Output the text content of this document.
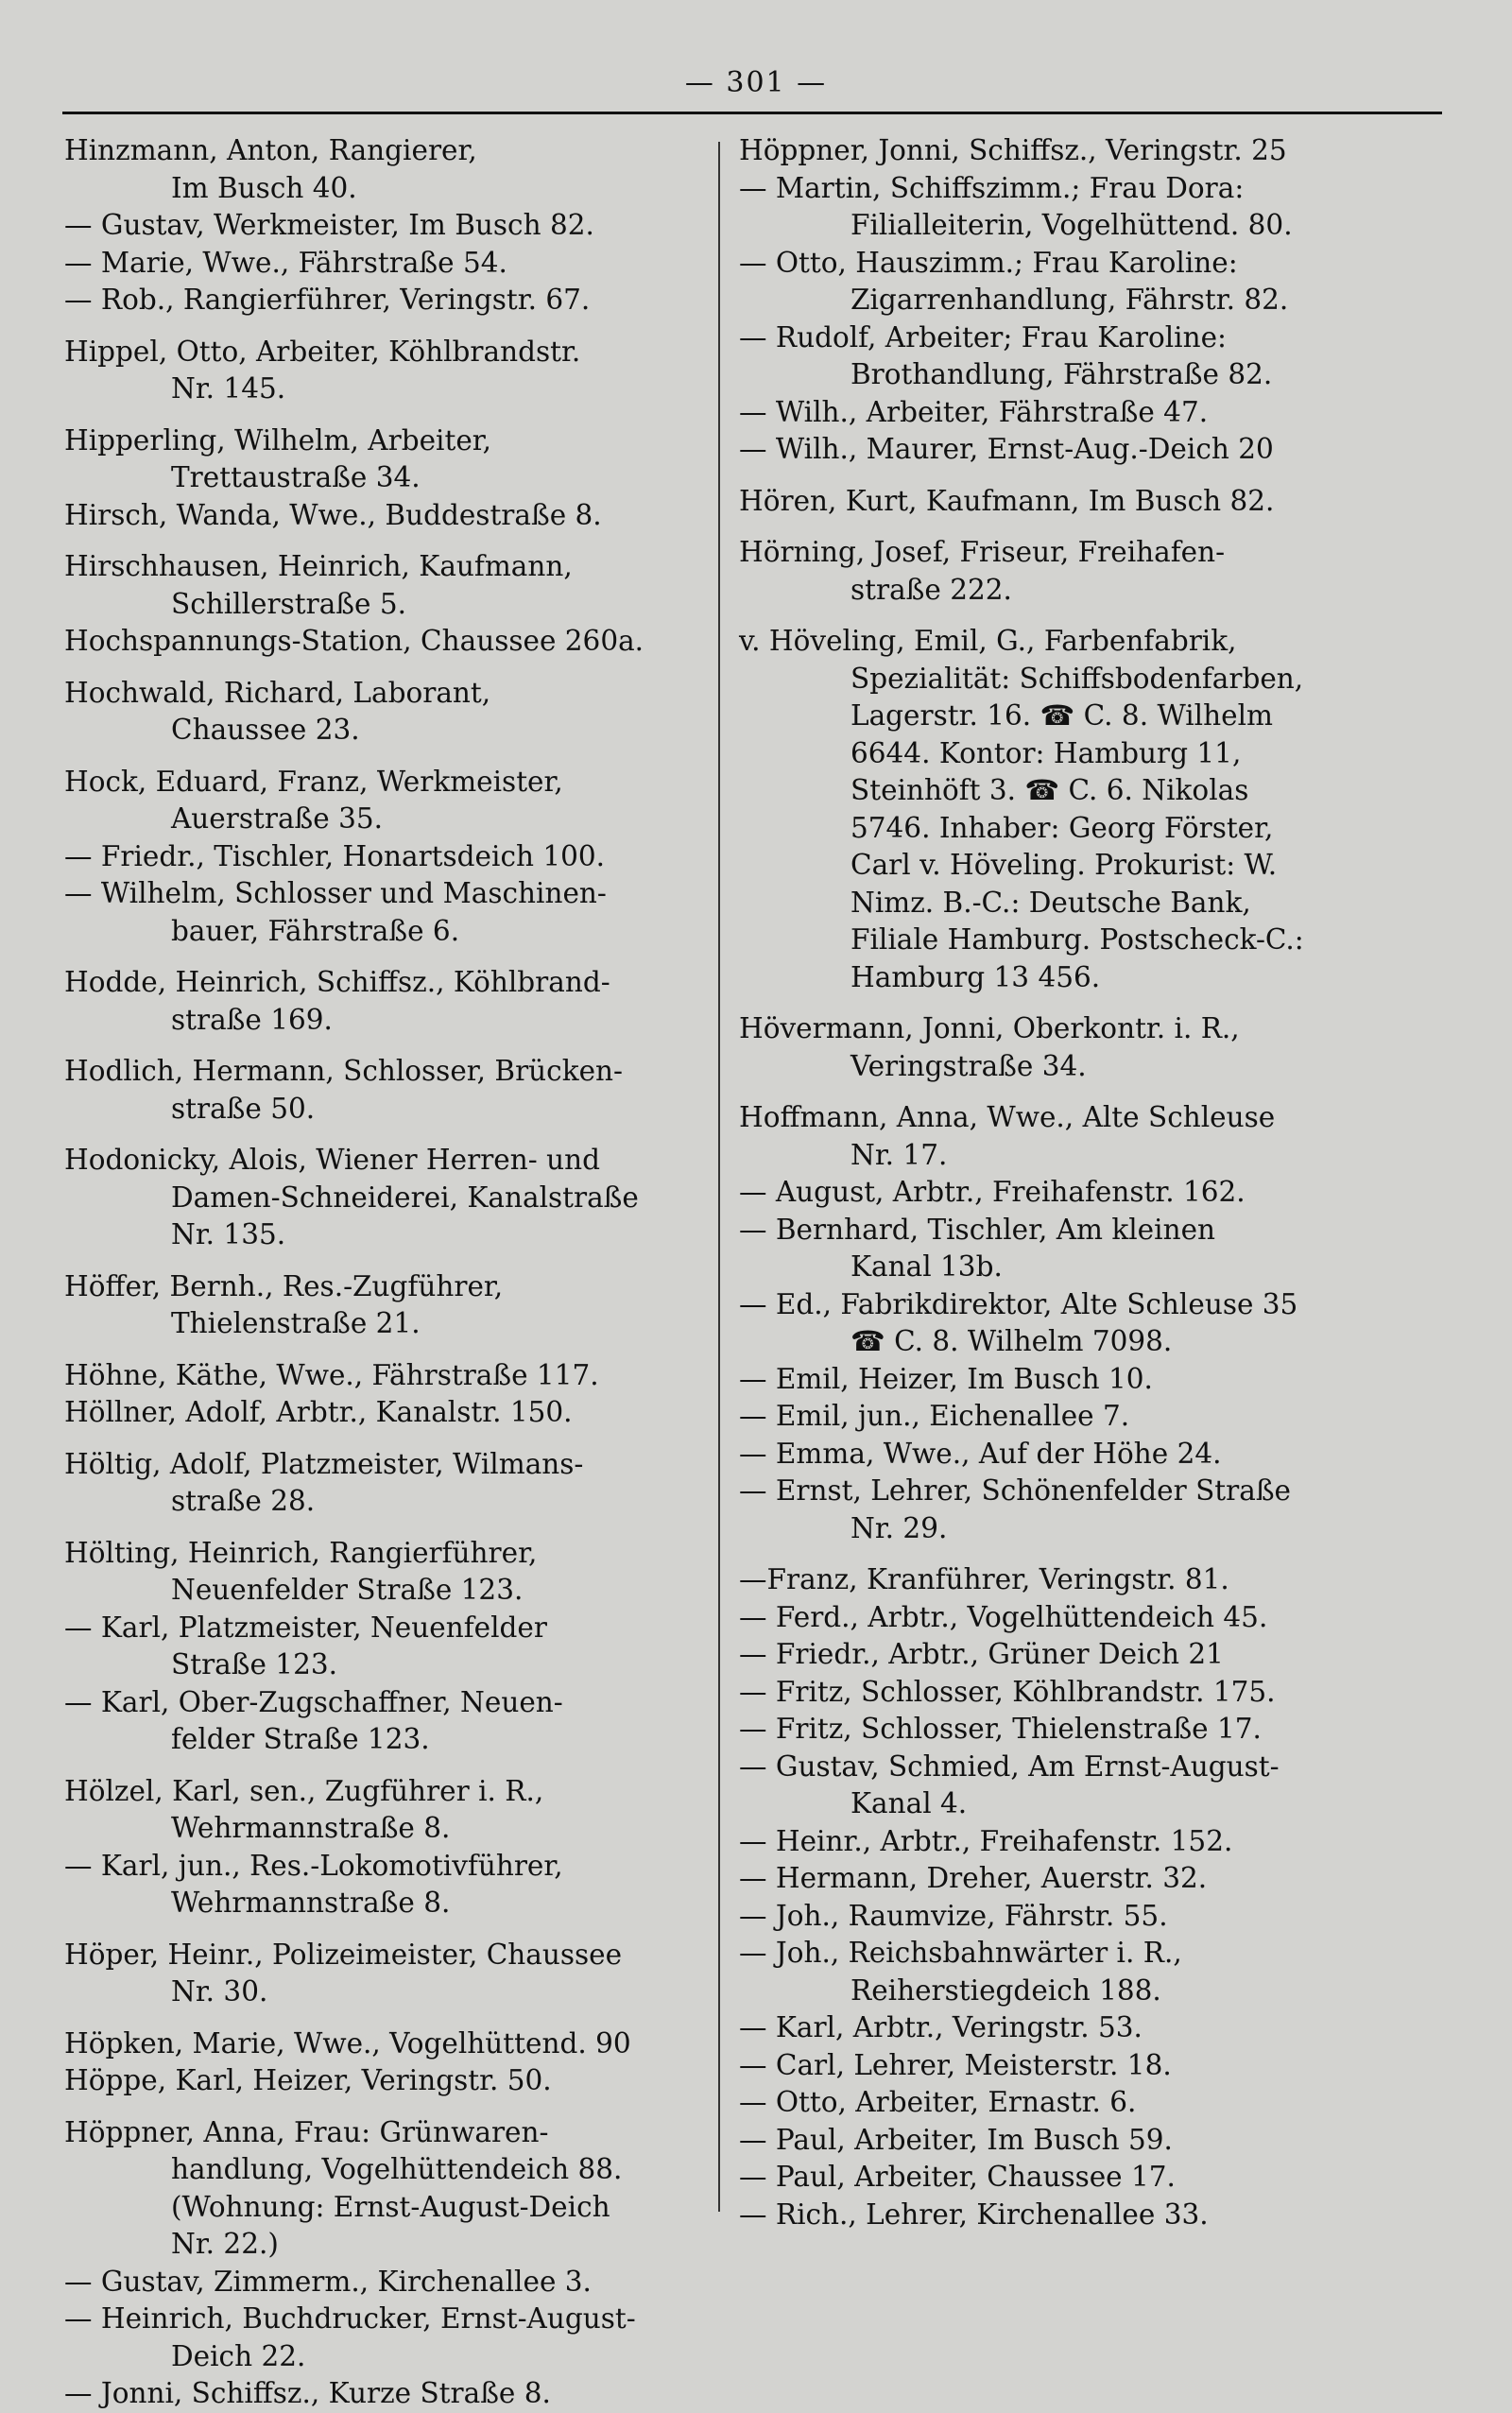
— 301 —
Hinzmann, Anton, Rangierer,
Im Busch 40.
— Gustav, Werkmeister, Im Busch 82.
— Marie, Wwe., Fährstraße 54.
— Rob., Rangierführer, Veringstr. 67.
Hippel, Otto, Arbeiter, Köhlbrandstr.
Nr. 145.
Hipperling, Wilhelm, Arbeiter,
Trettaustraße 34.
Hirsch, Wanda, Wwe., Buddestraße 8.
Hirschhausen, Heinrich, Kaufmann,
Schillerstraße 5.
Hochspannungs-Station, Chaussee 260a.
Hochwald, Richard, Laborant,
Chaussee 23.
Hock, Eduard, Franz, Werkmeister,
Auerstraße 35.
— Friedr., Tischler, Honartsdeich 100.
— Wilhelm, Schlosser und Maschinen-
bauer, Fährstraße 6.
Hodde, Heinrich, Schiffsz., Köhlbrand-
straße 169.
Hodlich, Hermann, Schlosser, Brücken-
straße 50.
Hodonicky, Alois, Wiener Herren- und
Damen-Schneiderei, Kanalstraße
Nr. 135.
Höffer, Bernh., Res.-Zugführer,
Thielenstraße 21.
Höhne, Käthe, Wwe., Fährstraße 117.
Höllner, Adolf, Arbtr., Kanalstr. 150.
Höltig, Adolf, Platzmeister, Wilmans-
straße 28.
Hölting, Heinrich, Rangierführer,
Neuenfelder Straße 123.
— Karl, Platzmeister, Neuenfelder
Straße 123.
— Karl, Ober-Zugschaffner, Neuen-
felder Straße 123.
Hölzel, Karl, sen., Zugführer i. R.,
Wehrmannstraße 8.
— Karl, jun., Res.-Lokomotivführer,
Wehrmannstraße 8.
Höper, Heinr., Polizeimeister, Chaussee
Nr. 30.
Höpken, Marie, Wwe., Vogelhüttend. 90
Höppe, Karl, Heizer, Veringstr. 50.
Höppner, Anna, Frau: Grünwaren-
handlung, Vogelhüttendeich 88.
(Wohnung: Ernst-August-Deich
Nr. 22.)
— Gustav, Zimmerm., Kirchenallee 3.
— Heinrich, Buchdrucker, Ernst-August-
Deich 22.
— Jonni, Schiffsz., Kurze Straße 8.
Höppner, Jonni, Schiffsz., Veringstr. 25
— Martin, Schiffszimm.; Frau Dora:
Filialleiterin, Vogelhüttend. 80.
— Otto, Hauszimm.; Frau Karoline:
Zigarrenhandlung, Fährstr. 82.
— Rudolf, Arbeiter; Frau Karoline:
Brothandlung, Fährstraße 82.
— Wilh., Arbeiter, Fährstraße 47.
— Wilh., Maurer, Ernst-Aug.-Deich 20
Hören, Kurt, Kaufmann, Im Busch 82.
Hörning, Josef, Friseur, Freihafen-
straße 222.
v. Höveling, Emil, G., Farbenfabrik,
Spezialität: Schiffsbodenfarben,
Lagerstr. 16. ☎ C. 8. Wilhelm
6644. Kontor: Hamburg 11,
Steinhöft 3. ☎ C. 6. Nikolas
5746. Inhaber: Georg Förster,
Carl v. Höveling. Prokurist: W.
Nimz. B.-C.: Deutsche Bank,
Filiale Hamburg. Postscheck-C.:
Hamburg 13 456.
Hövermann, Jonni, Oberkontr. i. R.,
Veringstraße 34.
Hoffmann, Anna, Wwe., Alte Schleuse
Nr. 17.
— August, Arbtr., Freihafenstr. 162.
— Bernhard, Tischler, Am kleinen
Kanal 13b.
— Ed., Fabrikdirektor, Alte Schleuse 35
☎ C. 8. Wilhelm 7098.
— Emil, Heizer, Im Busch 10.
— Emil, jun., Eichenallee 7.
— Emma, Wwe., Auf der Höhe 24.
— Ernst, Lehrer, Schönenfelder Straße
Nr. 29.
—Franz, Kranführer, Veringstr. 81.
— Ferd., Arbtr., Vogelhüttendeich 45.
— Friedr., Arbtr., Grüner Deich 21
— Fritz, Schlosser, Köhlbrandstr. 175.
— Fritz, Schlosser, Thielenstraße 17.
— Gustav, Schmied, Am Ernst-August-
Kanal 4.
— Heinr., Arbtr., Freihafenstr. 152.
— Hermann, Dreher, Auerstr. 32.
— Joh., Raumvize, Fährstr. 55.
— Joh., Reichsbahnwärter i. R.,
Reiherstiegdeich 188.
— Karl, Arbtr., Veringstr. 53.
— Carl, Lehrer, Meisterstr. 18.
— Otto, Arbeiter, Ernastr. 6.
— Paul, Arbeiter, Im Busch 59.
— Paul, Arbeiter, Chaussee 17.
— Rich., Lehrer, Kirchenallee 33.
